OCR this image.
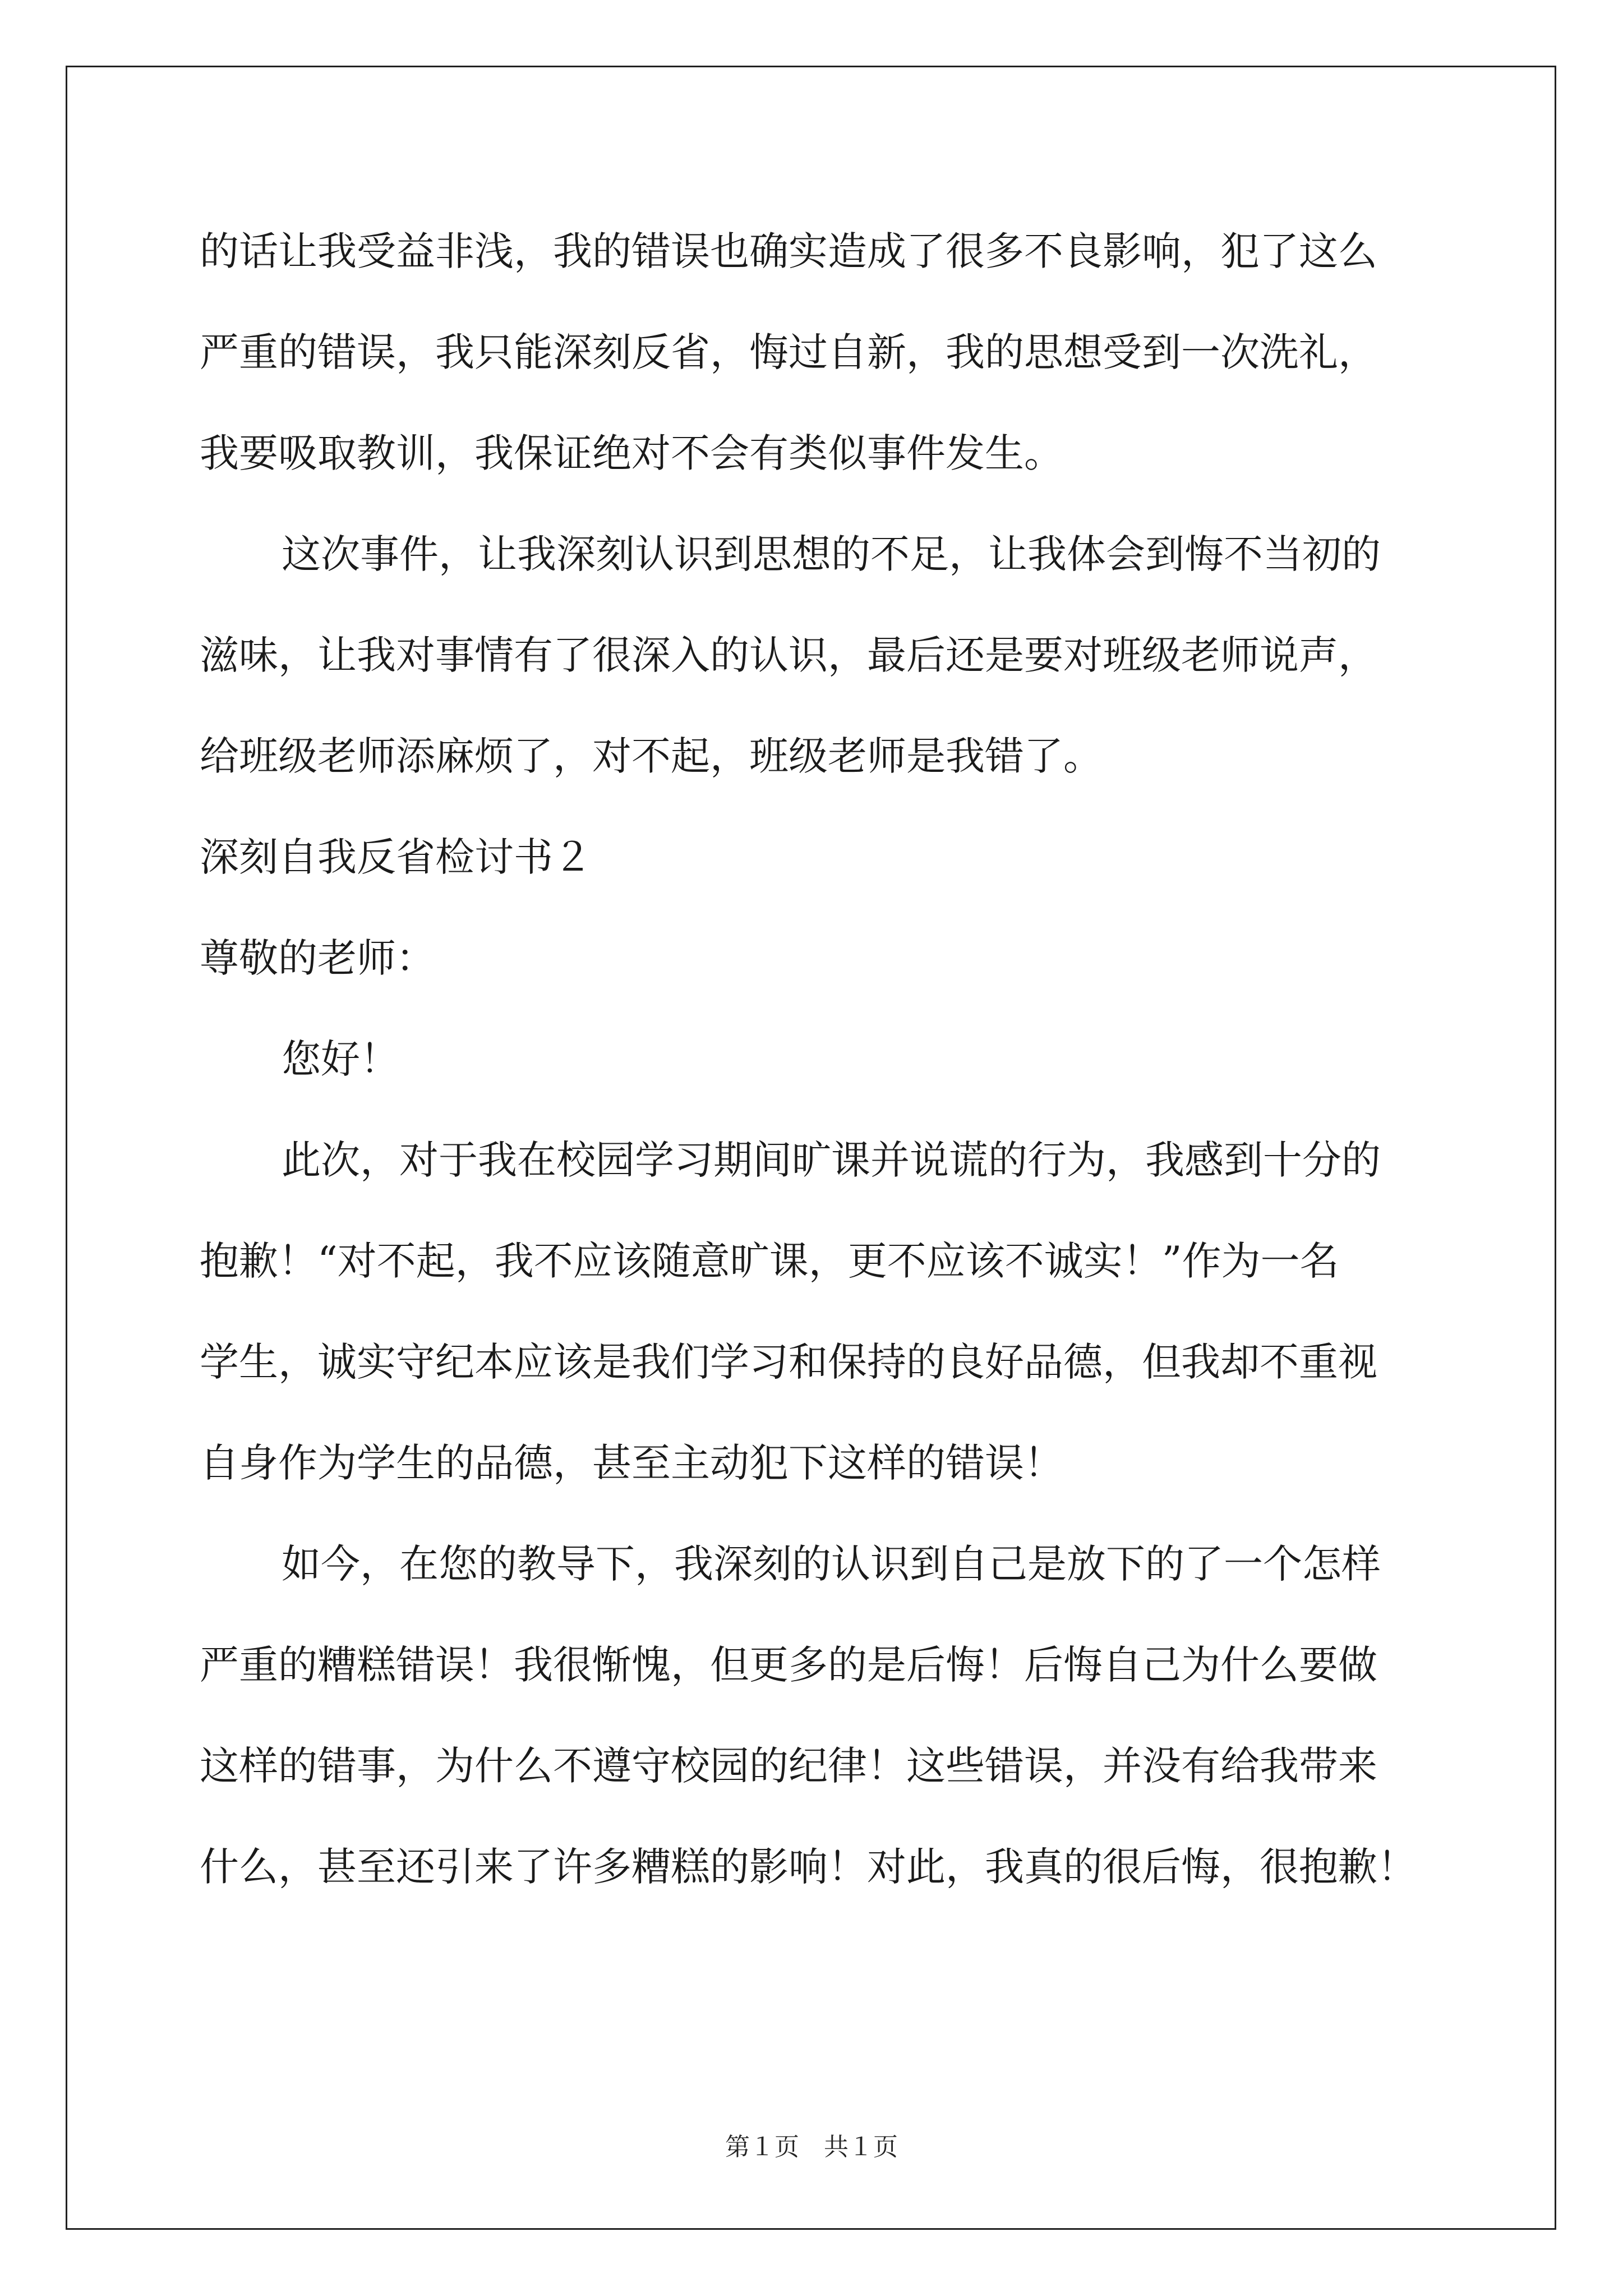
的话让我受益非浅，我的错误也确实造成了很多不良影响，犯了这么
严重的错误，我只能深刻反省，悔过自新，我的思想受到一次洗礼，
我要吸取教训，我保证绝对不会有类似事件发生。
这次事件，让我深刻认识到思想的不足，让我体会到悔不当初的
滋味，让我对事情有了很深入的认识，最后还是要对班级老师说声，
给班级老师添麻烦了，对不起，班级老师是我错了。
深刻自我反省检讨书２
尊敬的老师：
您好！
此次，对于我在校园学习期间旷课并说谎的行为，我感到十分的
抱歉！“对不起，我不应该随意旷课，更不应该不诚实！”作为一名
学生，诚实守纪本应该是我们学习和保持的良好品德，但我却不重视
自身作为学生的品德，甚至主动犯下这样的错误！
如今，在您的教导下，我深刻的认识到自己是放下的了一个怎样
严重的糟糕错误！我很惭愧，但更多的是后悔！后悔自己为什么要做
这样的错事，为什么不遵守校园的纪律！这些错误，并没有给我带来
什么，甚至还引来了许多糟糕的影响！对此，我真的很后悔，很抱歉！
第１页　共１页
